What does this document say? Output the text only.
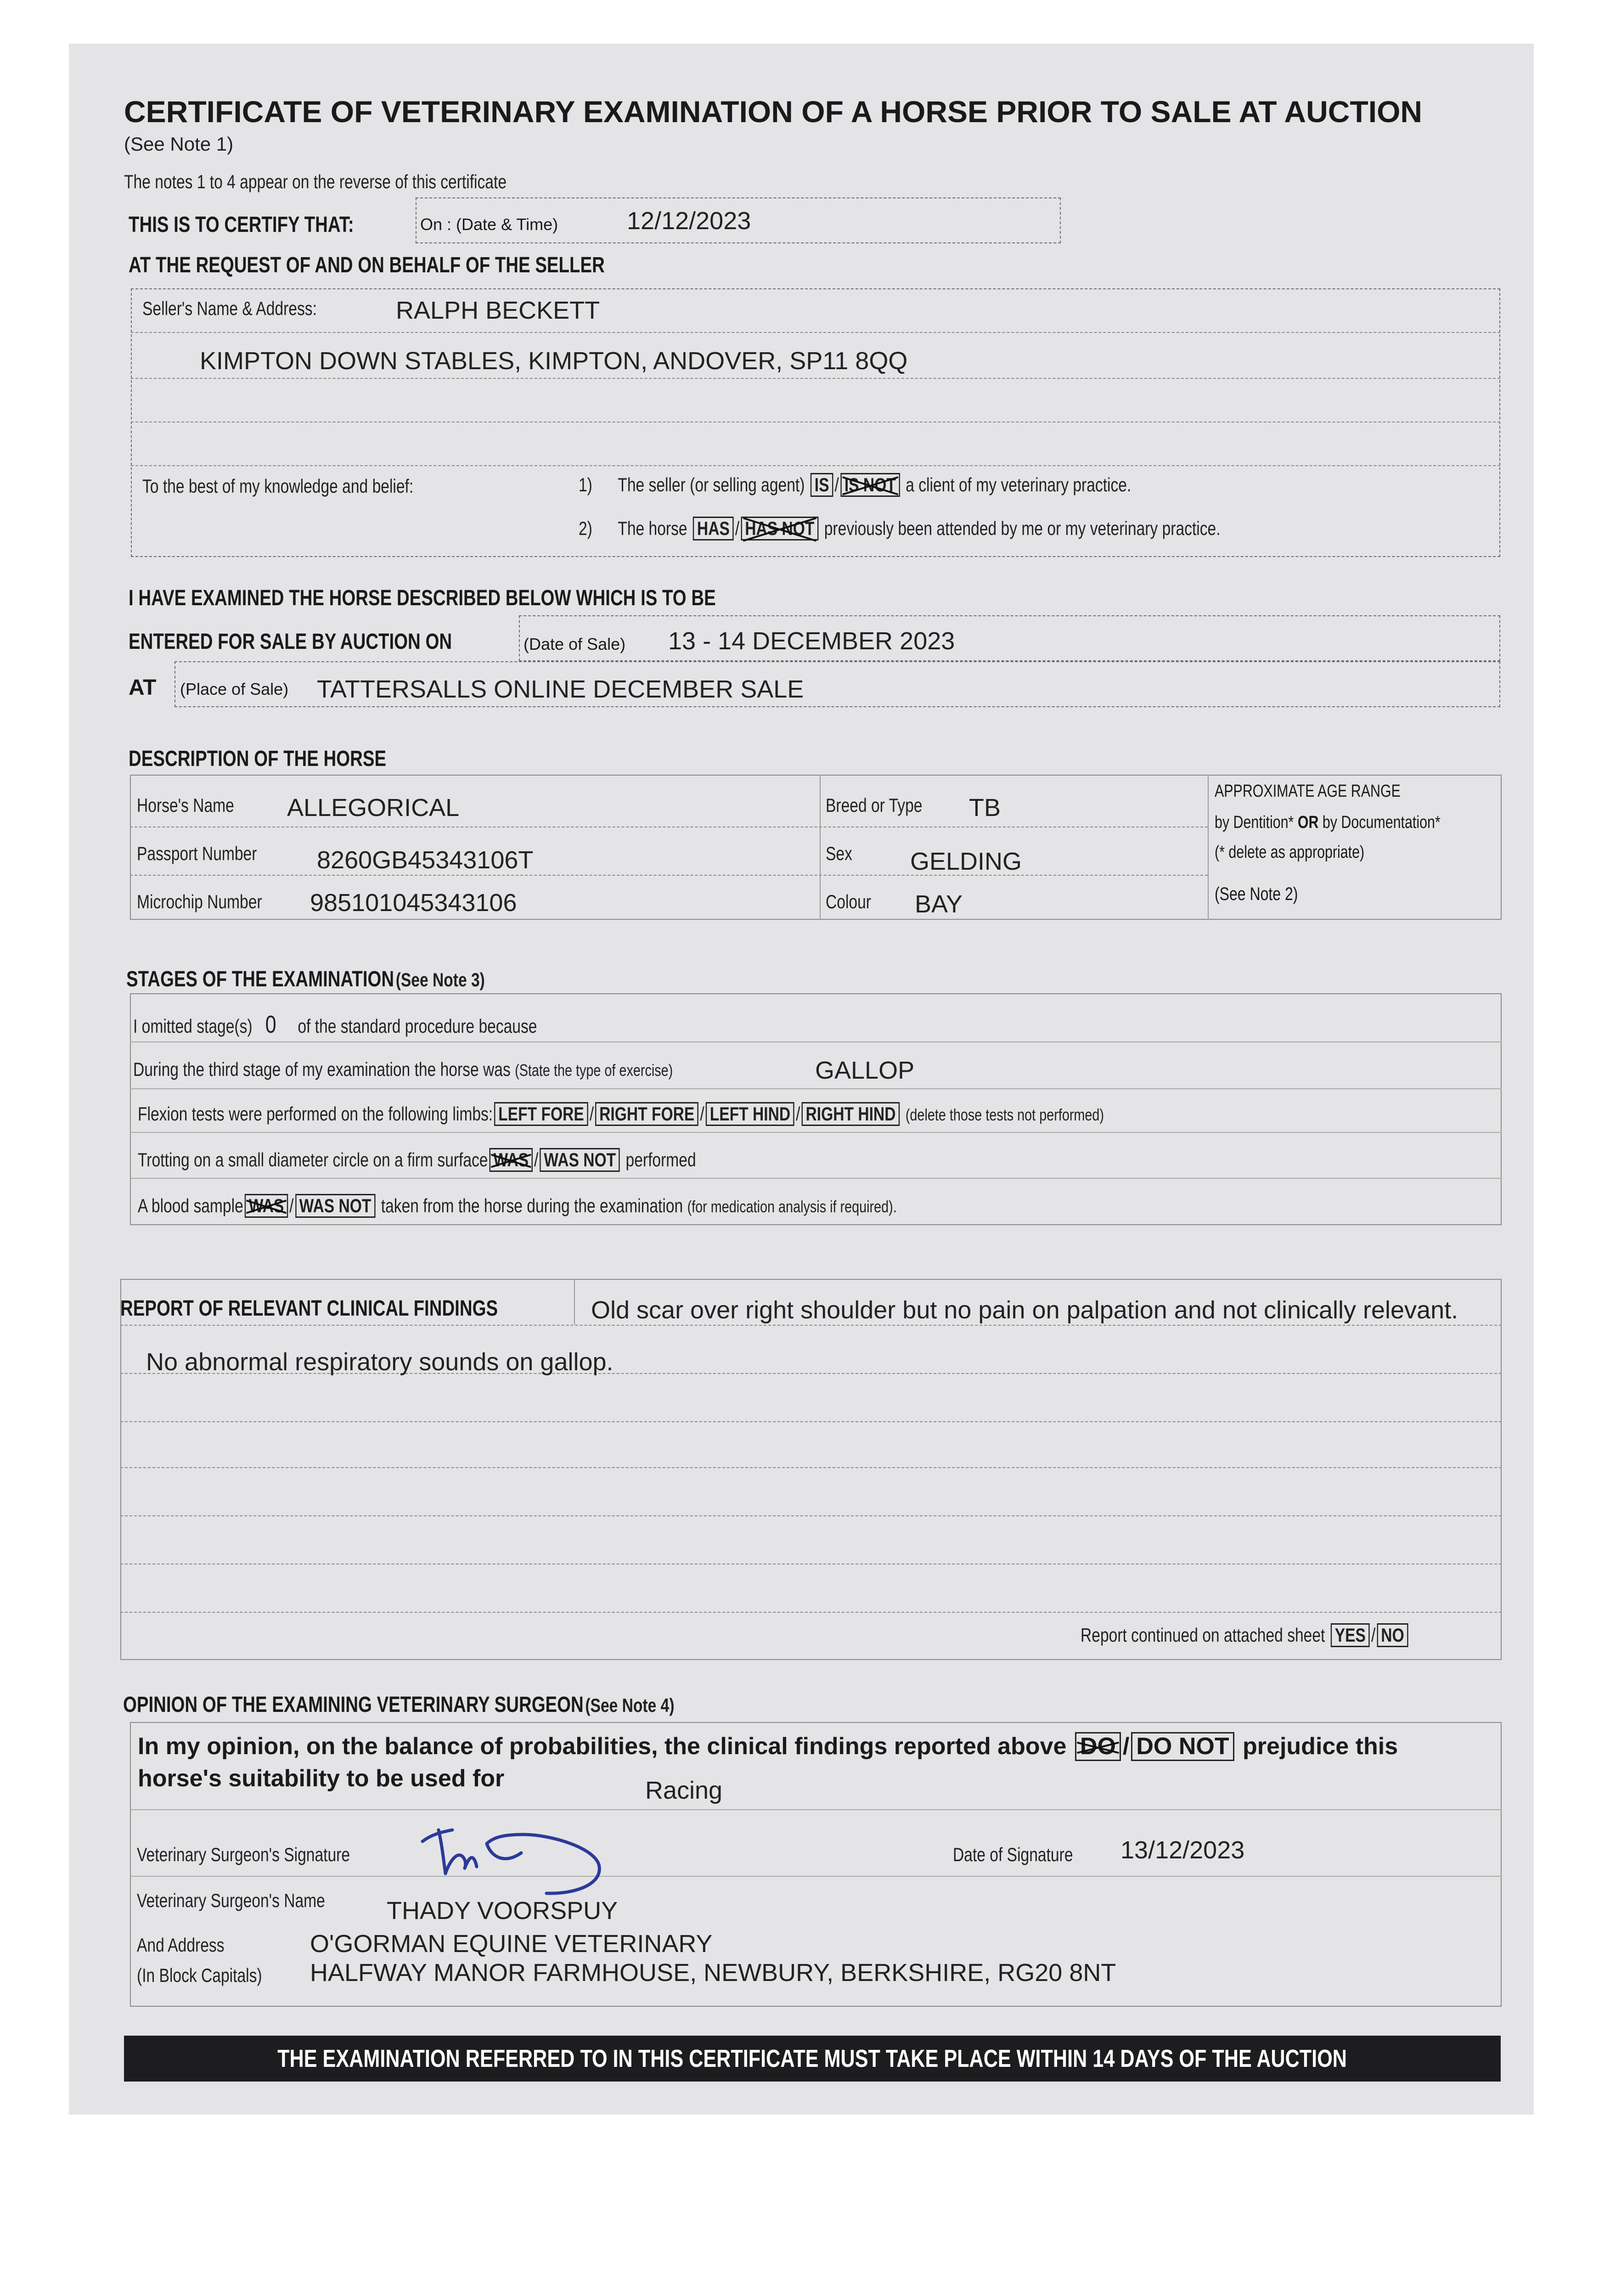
CERTIFICATE OF VETERINARY EXAMINATION OF A HORSE PRIOR TO SALE AT AUCTION
(See Note 1)
The notes 1 to 4 appear on the reverse of this certificate
THIS IS TO CERTIFY THAT:	On : (Date & Time)	12/12/2023
AT THE REQUEST OF AND ON BEHALF OF THE SELLER
Seller's Name & Address:	RALPH BECKETT
KIMPTON DOWN STABLES, KIMPTON, ANDOVER, SP11 8QQ
To the best of my knowledge and belief:	1) The seller (or selling agent) IS / IS NOT a client of my veterinary practice.
2) The horse HAS / HAS NOT previously been attended by me or my veterinary practice.
I HAVE EXAMINED THE HORSE DESCRIBED BELOW WHICH IS TO BE
ENTERED FOR SALE BY AUCTION ON	(Date of Sale) 13 - 14 DECEMBER 2023
AT (Place of Sale) TATTERSALLS ONLINE DECEMBER SALE
DESCRIPTION OF THE HORSE
Horse's Name	ALLEGORICAL
Passport Number	8260GB45343106T
Microchip Number	985101045343106
Breed or Type	TB
Sex GELDING
Colour	BAY
APPROXIMATE AGE RANGE
by Dentition* OR by Documentation*
(* delete as appropriate)
(See Note 2)
STAGES OF THE EXAMINATION (See Note 3)
I omitted stage(s) 0 of the standard procedure because
During the third stage of my examination the horse was (State the type of exercise)	GALLOP
Flexion tests were performed on the following limbs: LEFT FORE / RIGHT FORE / LEFT HIND / RIGHT HIND (delete those tests not performed)
Trotting on a small diameter circle on a firm surface WAS / WAS NOT performed
A blood sample WAS / WAS NOT taken from the horse during the examination (for medication analysis if required).
REPORT OF RELEVANT CLINICAL FINDINGS	Old scar over right shoulder but no pain on palpation and not clinically relevant.
No abnormal respiratory sounds on gallop.
Report continued on attached sheet YES / NO
OPINION OF THE EXAMINING VETERINARY SURGEON (See Note 4)
In my opinion, on the balance of probabilities, the clinical findings reported above DO / DO NOT prejudice this
horse's suitability to be used for	Racing
Veterinary Surgeon's Signature	Date of Signature	13/12/2023
Veterinary Surgeon's Name	THADY VOORSPUY
And Address
(In Block Capitals)
O'GORMAN EQUINE VETERINARY
HALFWAY MANOR FARMHOUSE, NEWBURY, BERKSHIRE, RG20 8NT
THE EXAMINATION REFERRED TO IN THIS CERTIFICATE MUST TAKE PLACE WITHIN 14 DAYS OF THE AUCTION
